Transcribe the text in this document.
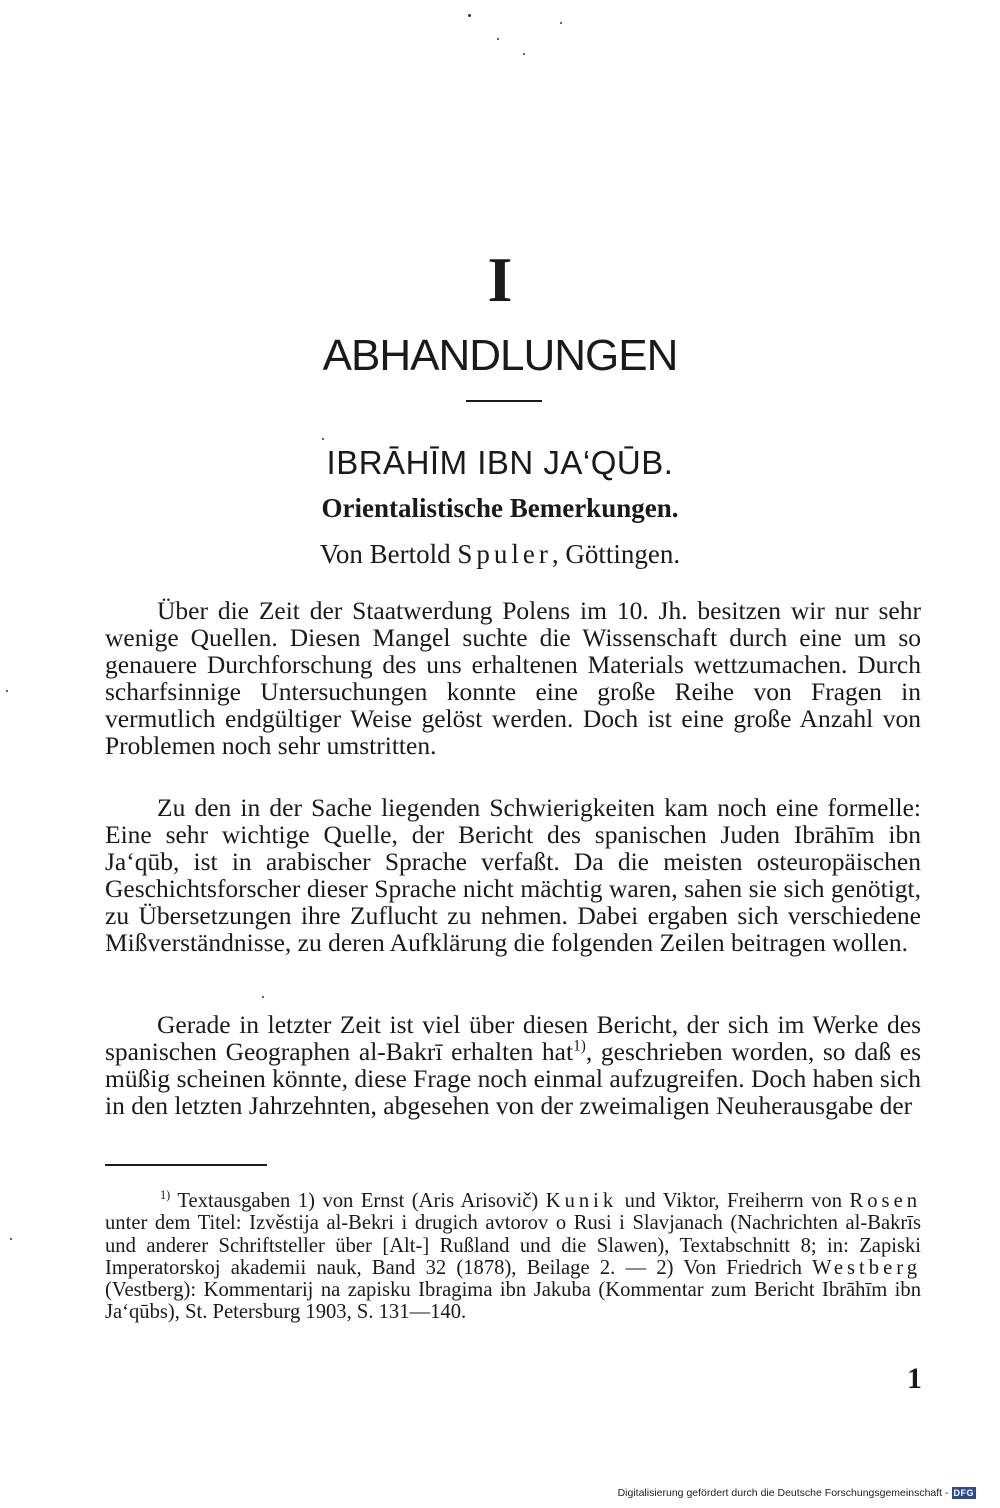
I
ABHANDLUNGEN
IBRĀHĪM IBN JA‘QŪB.
Orientalistische Bemerkungen.
Von Bertold Spuler, Göttingen.

Über die Zeit der Staatwerdung Polens im 10. Jh. besitzen wir nur sehr wenige Quellen. Diesen Mangel suchte die Wissenschaft durch eine um so genauere Durchforschung des uns erhaltenen Materials wettzumachen. Durch scharfsinnige Untersuchungen konnte eine große Reihe von Fragen in vermutlich endgültiger Weise gelöst werden. Doch ist eine große Anzahl von Problemen noch sehr umstritten.

Zu den in der Sache liegenden Schwierigkeiten kam noch eine formelle: Eine sehr wichtige Quelle, der Bericht des spanischen Juden Ibrāhīm ibn Ja‘qūb, ist in arabischer Sprache verfaßt. Da die meisten osteuropäischen Geschichtsforscher dieser Sprache nicht mächtig waren, sahen sie sich genötigt, zu Übersetzungen ihre Zuflucht zu nehmen. Dabei ergaben sich verschiedene Mißverständnisse, zu deren Aufklärung die folgenden Zeilen beitragen wollen.

Gerade in letzter Zeit ist viel über diesen Bericht, der sich im Werke des spanischen Geographen al-Bakrī erhalten hat$^{1)}$, geschrieben worden, so daß es müßig scheinen könnte, diese Frage noch einmal aufzugreifen. Doch haben sich in den letzten Jahrzehnten, abgesehen von der zweimaligen Neuherausgabe der

$^{1)}$ Textausgaben 1) von Ernst (Aris Arisovič) Kunik und Viktor, Freiherrn von Rosen unter dem Titel: Izvěstija al-Bekri i drugich avtorov o Rusi i Slavjanach (Nachrichten al-Bakrīs und anderer Schriftsteller über [Alt-] Rußland und die Slawen), Textabschnitt 8; in: Zapiski Imperatorskoj akademii nauk, Band 32 (1878), Beilage 2. — 2) Von Friedrich Westberg (Vestberg): Kommentarij na zapisku Ibragima ibn Jakuba (Kommentar zum Bericht Ibrāhīm ibn Ja‘qūbs), St. Petersburg 1903, S. 131—140.

1
Digitalisierung gefördert durch die Deutsche Forschungsgemeinschaft - DFG
